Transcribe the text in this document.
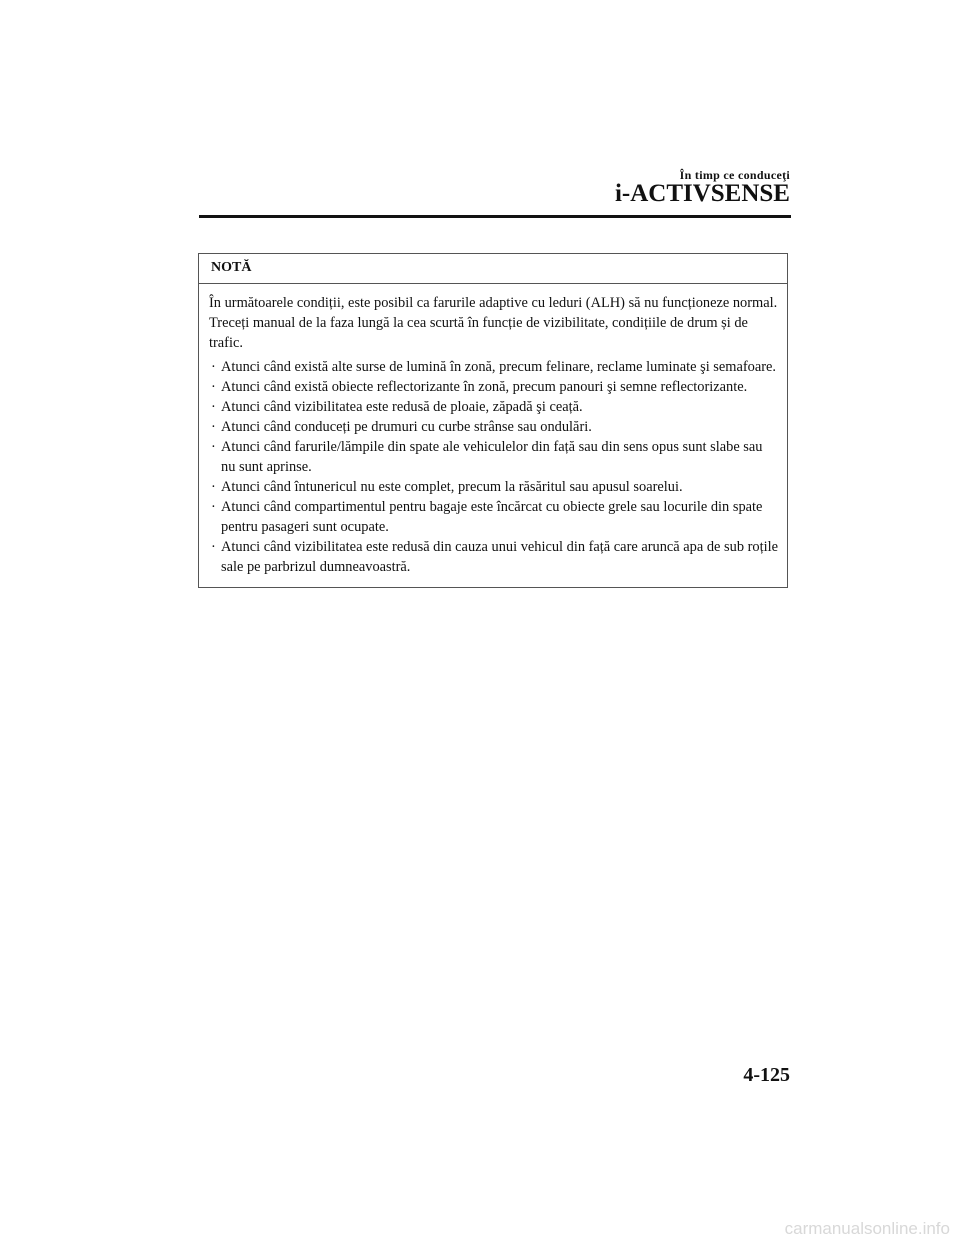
În timp ce conduceţi
i-ACTIVSENSE
NOTĂ

În următoarele condiții, este posibil ca farurile adaptive cu leduri (ALH) să nu funcționeze normal. Treceți manual de la faza lungă la cea scurtă în funcție de vizibilitate, condițiile de drum și de trafic.

· Atunci când există alte surse de lumină în zonă, precum felinare, reclame luminate şi semafoare.
· Atunci când există obiecte reflectorizante în zonă, precum panouri şi semne reflectorizante.
· Atunci când vizibilitatea este redusă de ploaie, zăpadă şi ceață.
· Atunci când conduceți pe drumuri cu curbe strânse sau ondulări.
· Atunci când farurile/lămpile din spate ale vehiculelor din față sau din sens opus sunt slabe sau nu sunt aprinse.
· Atunci când întunericul nu este complet, precum la răsăritul sau apusul soarelui.
· Atunci când compartimentul pentru bagaje este încărcat cu obiecte grele sau locurile din spate pentru pasageri sunt ocupate.
· Atunci când vizibilitatea este redusă din cauza unui vehicul din față care aruncă apa de sub roțile sale pe parbrizul dumneavoastră.
4-125
carmanualsonline.info
